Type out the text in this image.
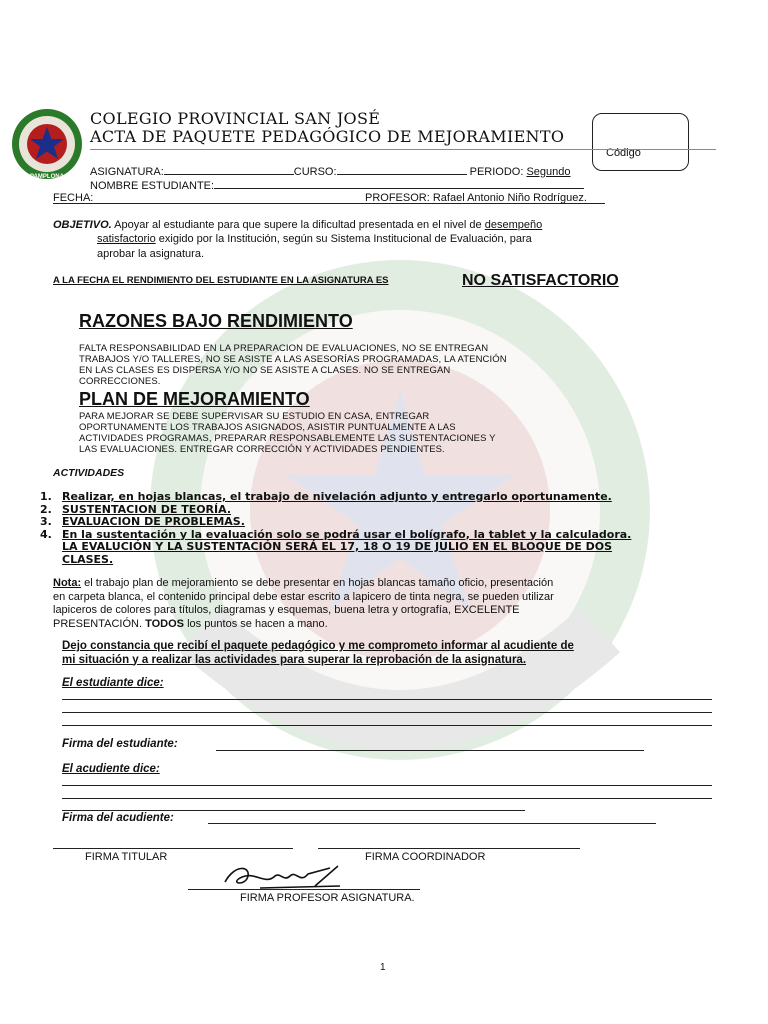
PAMPLONA
COLEGIO PROVINCIAL SAN JOSÉ
ACTA DE PAQUETE PEDAGÓGICO DE MEJORAMIENTO
Código
ASIGNATURA:	CURSO:	PERIODO: Segundo
NOMBRE ESTUDIANTE:
FECHA:	PROFESOR: Rafael Antonio Niño Rodríguez.
OBJETIVO. Apoyar al estudiante para que supere la dificultad presentada en el nivel de desempeño
satisfactorio exigido por la Institución, según su Sistema Institucional de Evaluación, para
aprobar la asignatura.
A LA FECHA EL RENDIMIENTO DEL ESTUDIANTE EN LA ASIGNATURA ES	NO SATISFACTORIO
RAZONES BAJO RENDIMIENTO
FALTA RESPONSABILIDAD EN LA PREPARACION DE EVALUACIONES, NO SE ENTREGAN
TRABAJOS Y/O TALLERES, NO SE ASISTE A LAS ASESORÍAS PROGRAMADAS, LA ATENCIÓN
EN LAS CLASES ES DISPERSA Y/O NO SE ASISTE A CLASES. NO SE ENTREGAN
CORRECCIONES.
PLAN DE MEJORAMIENTO
PARA MEJORAR SE DEBE SUPERVISAR SU ESTUDIO EN CASA, ENTREGAR
OPORTUNAMENTE LOS TRABAJOS ASIGNADOS, ASISTIR PUNTUALMENTE A LAS
ACTIVIDADES PROGRAMAS, PREPARAR RESPONSABLEMENTE LAS SUSTENTACIONES Y
LAS EVALUACIONES. ENTREGAR CORRECCIÓN Y ACTIVIDADES PENDIENTES.
ACTIVIDADES
1. Realizar, en hojas blancas, el trabajo de nivelación adjunto y entregarlo oportunamente.
2. SUSTENTACION DE TEORÍA.
3. EVALUACION DE PROBLEMAS.
4. En la sustentación y la evaluación solo se podrá usar el bolígrafo, la tablet y la calculadora.
LA EVALUCIÓN Y LA SUSTENTACIÓN SERÁ EL 17, 18 O 19 DE JULIO EN EL BLOQUE DE DOS
CLASES.
Nota: el trabajo plan de mejoramiento se debe presentar en hojas blancas tamaño oficio, presentación
en carpeta blanca, el contenido principal debe estar escrito a lapicero de tinta negra, se pueden utilizar
lapiceros de colores para títulos, diagramas y esquemas, buena letra y ortografía, EXCELENTE
PRESENTACIÓN. TODOS los puntos se hacen a mano.
Dejo constancia que recibí el paquete pedagógico y me comprometo informar al acudiente de
mi situación y a realizar las actividades para superar la reprobación de la asignatura.
El estudiante dice:
Firma del estudiante:
El acudiente dice:
Firma del acudiente:
FIRMA TITULAR	FIRMA COORDINADOR
FIRMA PROFESOR ASIGNATURA.
1
